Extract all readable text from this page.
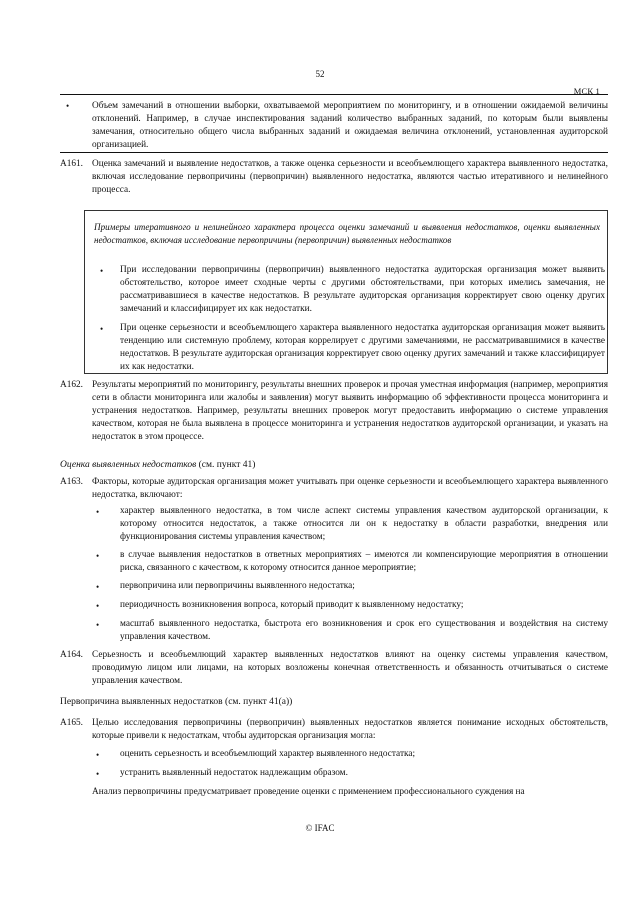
52
МСК 1
• Объем замечаний в отношении выборки, охватываемой мероприятием по мониторингу, и в отношении ожидаемой величины отклонений. Например, в случае инспектирования заданий количество выбранных заданий, по которым были выявлены замечания, относительно общего числа выбранных заданий и ожидаемая величина отклонений, установленная аудиторской организацией.
A161. Оценка замечаний и выявление недостатков, а также оценка серьезности и всеобъемлющего характера выявленного недостатка, включая исследование первопричины (первопричин) выявленного недостатка, являются частью итеративного и нелинейного процесса.
Примеры итеративного и нелинейного характера процесса оценки замечаний и выявления недостатков, оценки выявленных недостатков, включая исследование первопричины (первопричин) выявленных недостатков
• При исследовании первопричины (первопричин) выявленного недостатка аудиторская организация может выявить обстоятельство, которое имеет сходные черты с другими обстоятельствами, при которых имелись замечания, не рассматривавшиеся в качестве недостатков. В результате аудиторская организация корректирует свою оценку других замечаний и классифицирует их как недостатки.
• При оценке серьезности и всеобъемлющего характера выявленного недостатка аудиторская организация может выявить тенденцию или системную проблему, которая коррелирует с другими замечаниями, не рассматривавшимися в качестве недостатков. В результате аудиторская организация корректирует свою оценку других замечаний и также классифицирует их как недостатки.
A162. Результаты мероприятий по мониторингу, результаты внешних проверок и прочая уместная информация (например, мероприятия сети в области мониторинга или жалобы и заявления) могут выявить информацию об эффективности процесса мониторинга и устранения недостатков. Например, результаты внешних проверок могут предоставить информацию о системе управления качеством, которая не была выявлена в процессе мониторинга и устранения недостатков аудиторской организации, и указать на недостаток в этом процессе.
Оценка выявленных недостатков (см. пункт 41)
A163. Факторы, которые аудиторская организация может учитывать при оценке серьезности и всеобъемлющего характера выявленного недостатка, включают:
• характер выявленного недостатка, в том числе аспект системы управления качеством аудиторской организации, к которому относится недостаток, а также относится ли он к недостатку в области разработки, внедрения или функционирования системы управления качеством;
• в случае выявления недостатков в ответных мероприятиях – имеются ли компенсирующие мероприятия в отношении риска, связанного с качеством, к которому относится данное мероприятие;
• первопричина или первопричины выявленного недостатка;
• периодичность возникновения вопроса, который приводит к выявленному недостатку;
• масштаб выявленного недостатка, быстрота его возникновения и срок его существования и воздействия на систему управления качеством.
A164. Серьезность и всеобъемлющий характер выявленных недостатков влияют на оценку системы управления качеством, проводимую лицом или лицами, на которых возложены конечная ответственность и обязанность отчитываться о системе управления качеством.
Первопричина выявленных недостатков (см. пункт 41(a))
A165. Целью исследования первопричины (первопричин) выявленных недостатков является понимание исходных обстоятельств, которые привели к недостаткам, чтобы аудиторская организация могла:
• оценить серьезность и всеобъемлющий характер выявленного недостатка;
• устранить выявленный недостаток надлежащим образом.
Анализ первопричины предусматривает проведение оценки с применением профессионального суждения на
© IFAC
